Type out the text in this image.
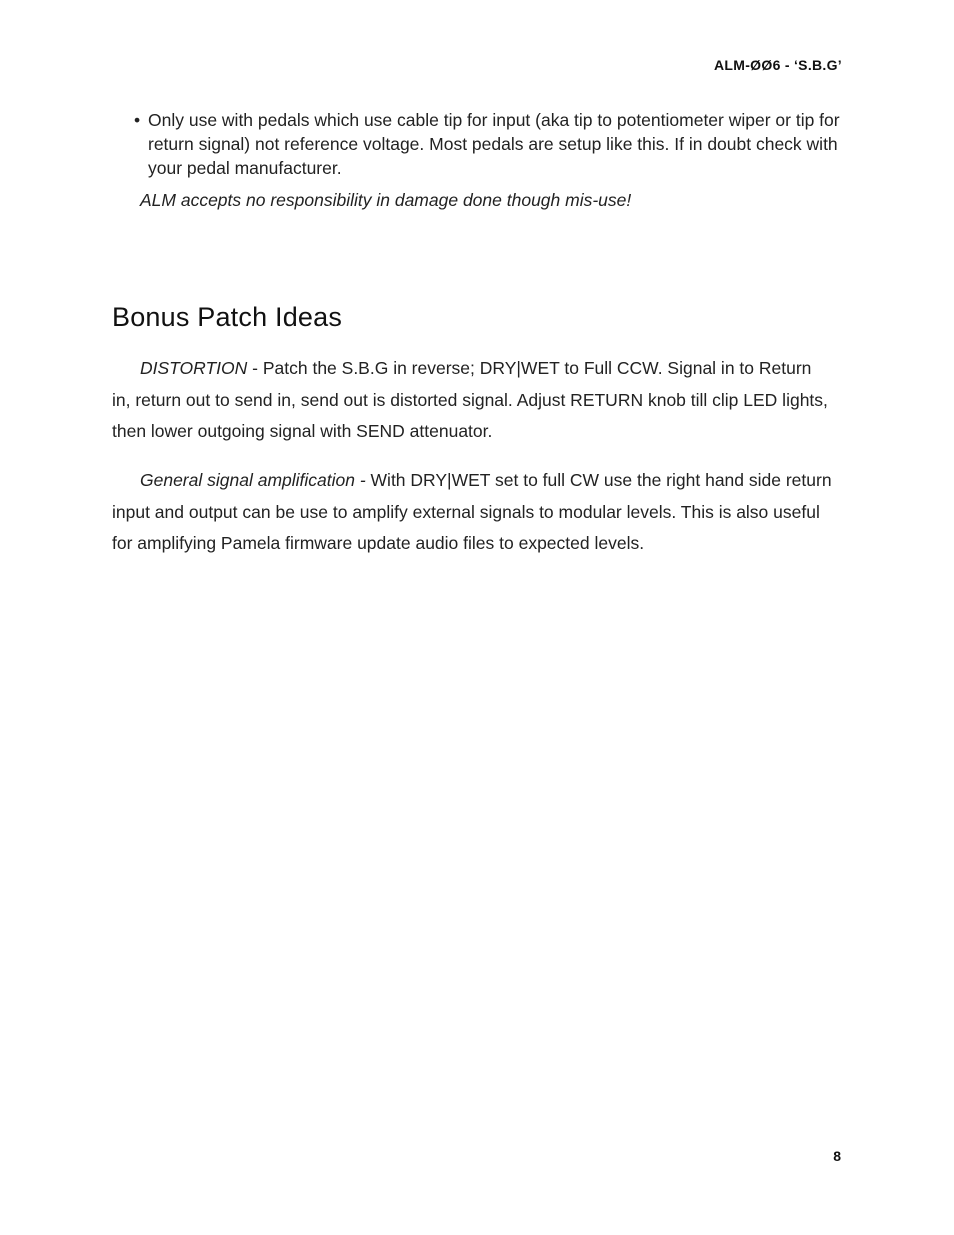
ALM-ØØ6 - ‘S.B.G’
• Only use with pedals which use cable tip for input (aka tip to potentiometer wiper or tip for return signal) not reference voltage. Most pedals are setup like this. If in doubt check with your pedal manufacturer.
ALM accepts no responsibility in damage done though mis-use!
Bonus Patch Ideas

DISTORTION - Patch the S.B.G in reverse; DRY|WET to Full CCW. Signal in to Return in, return out to send in, send out is distorted signal. Adjust RETURN knob till clip LED lights, then lower outgoing signal with SEND attenuator.

General signal amplification - With DRY|WET set to full CW use the right hand side return input and output can be use to amplify external signals to modular levels. This is also useful for amplifying Pamela firmware update audio files to expected levels.

8
